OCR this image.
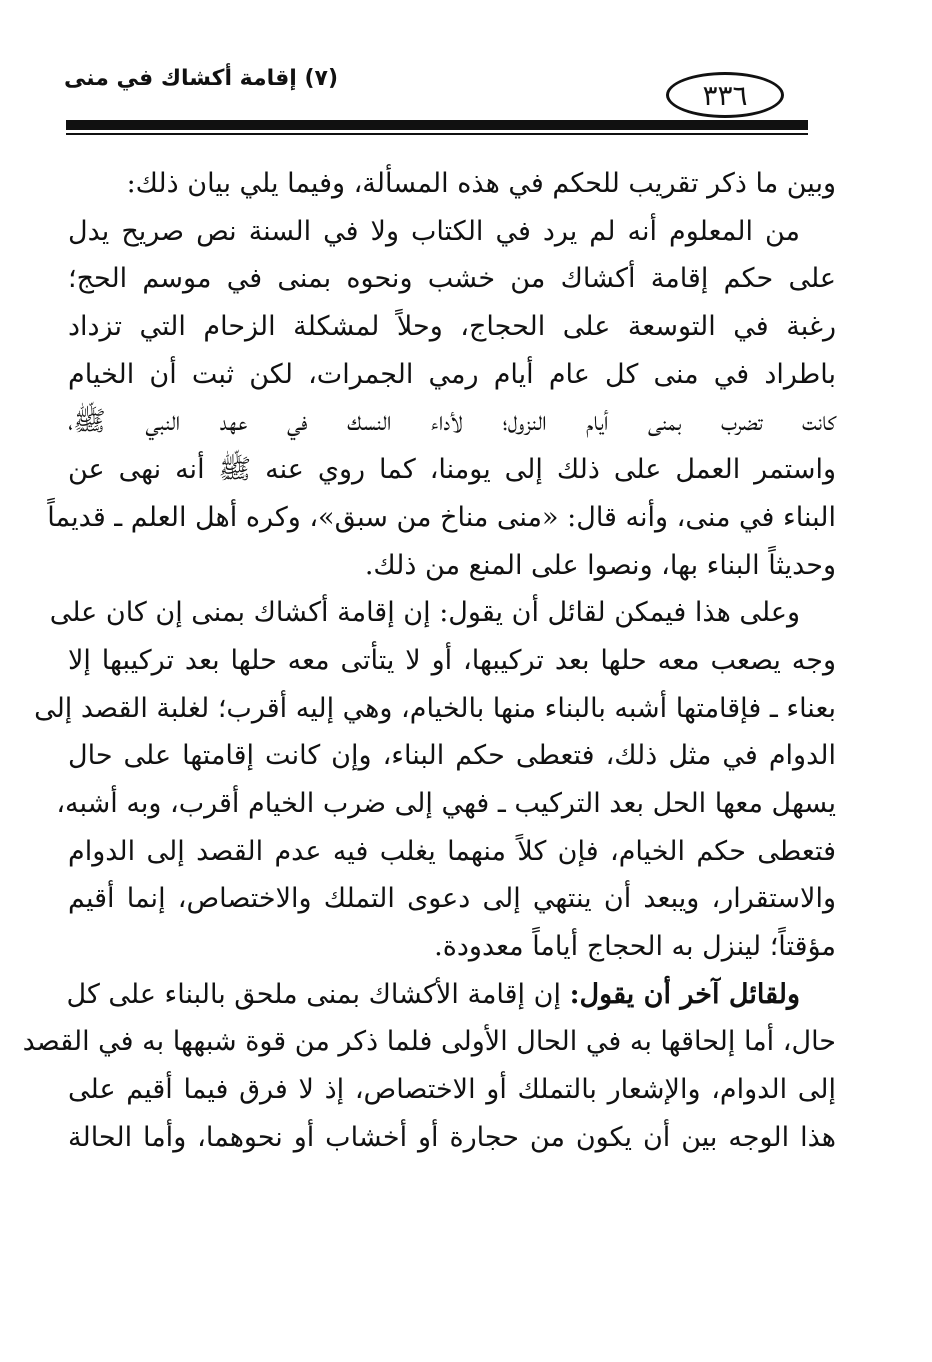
(٧) إقامة أكشاك في منى	٣٣٦
وبين ما ذكر تقريب للحكم في هذه المسألة، وفيما يلي بيان ذلك:
من المعلوم أنه لم يرد في الكتاب ولا في السنة نص صريح يدل
على حكم إقامة أكشاك من خشب ونحوه بمنى في موسم الحج؛
رغبة في التوسعة على الحجاج، وحلاً لمشكلة الزحام التي تزداد
باطراد في منى كل عام أيام رمي الجمرات، لكن ثبت أن الخيام
كانت تضرب بمنى أيام النزول؛ لأداء النسك في عهد النبي ﷺ،
واستمر العمل على ذلك إلى يومنا، كما روي عنه ﷺ أنه نهى عن
البناء في منى، وأنه قال: «منى مناخ من سبق»، وكره أهل العلم ـ قديماً
وحديثاً البناء بها، ونصوا على المنع من ذلك.
وعلى هذا فيمكن لقائل أن يقول: إن إقامة أكشاك بمنى إن كان على
وجه يصعب معه حلها بعد تركيبها، أو لا يتأتى معه حلها بعد تركيبها إلا
بعناء ـ فإقامتها أشبه بالبناء منها بالخيام، وهي إليه أقرب؛ لغلبة القصد إلى
الدوام في مثل ذلك، فتعطى حكم البناء، وإن كانت إقامتها على حال
يسهل معها الحل بعد التركيب ـ فهي إلى ضرب الخيام أقرب، وبه أشبه،
فتعطى حكم الخيام، فإن كلاً منهما يغلب فيه عدم القصد إلى الدوام
والاستقرار، ويبعد أن ينتهي إلى دعوى التملك والاختصاص، إنما أقيم
مؤقتاً؛ لينزل به الحجاج أياماً معدودة.
ولقائل آخر أن يقول: إن إقامة الأكشاك بمنى ملحق بالبناء على كل
حال، أما إلحاقها به في الحال الأولى فلما ذكر من قوة شبهها به في القصد
إلى الدوام، والإشعار بالتملك أو الاختصاص، إذ لا فرق فيما أقيم على
هذا الوجه بين أن يكون من حجارة أو أخشاب أو نحوهما، وأما الحالة
